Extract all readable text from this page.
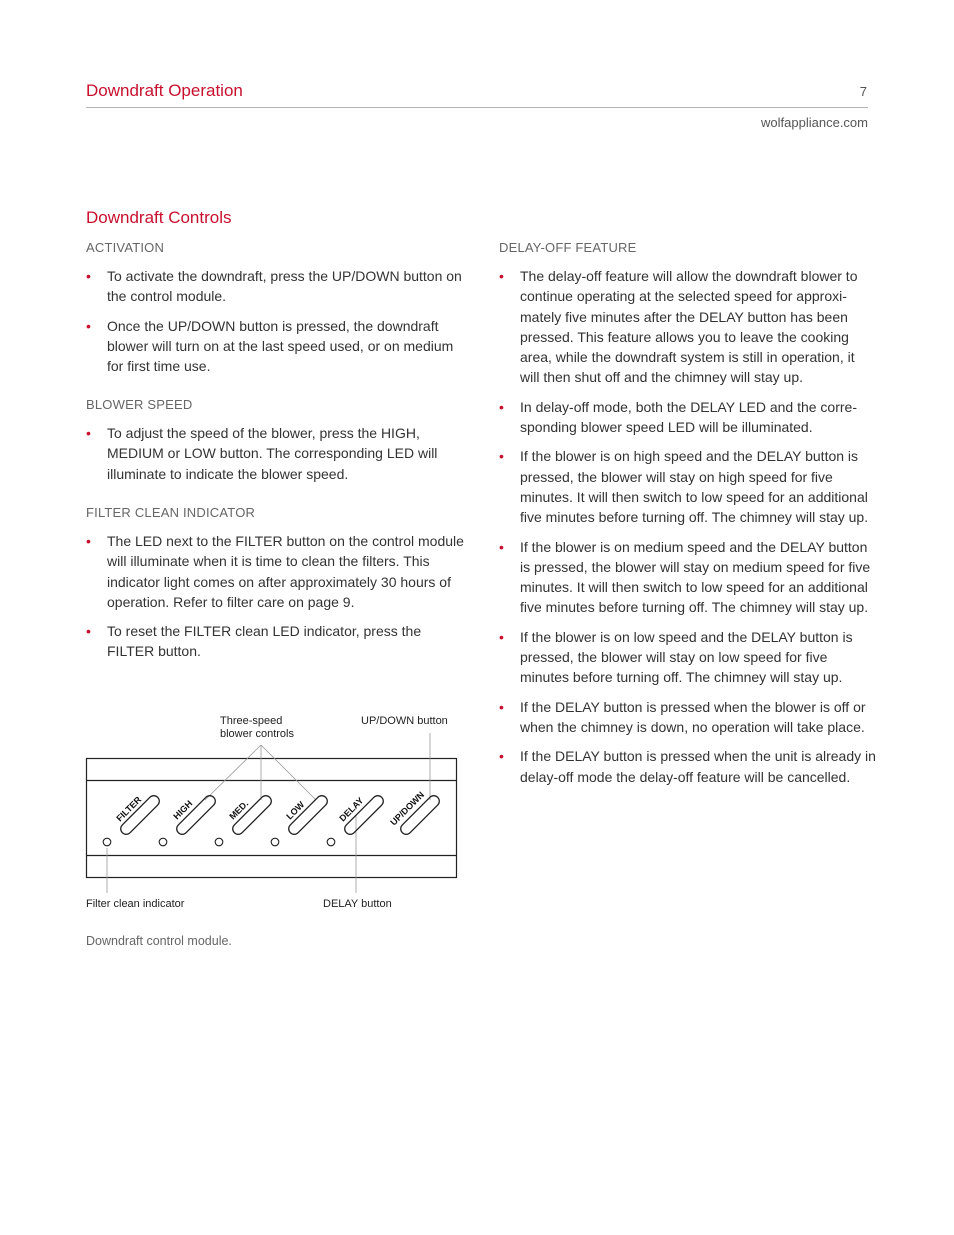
Downdraft Operation	7
wolfappliance.com
Downdraft Controls
ACTIVATION
• To activate the downdraft, press the UP/DOWN button on the control module.
• Once the UP/DOWN button is pressed, the downdraft blower will turn on at the last speed used, or on medium for first time use.
BLOWER SPEED
• To adjust the speed of the blower, press the HIGH, MEDIUM or LOW button. The corresponding LED will illuminate to indicate the blower speed.
FILTER CLEAN INDICATOR
• The LED next to the FILTER button on the control module will illuminate when it is time to clean the filters. This indicator light comes on after approximately 30 hours of operation. Refer to filter care on page 9.
• To reset the FILTER clean LED indicator, press the FILTER button.
Three-speed
blower controls
UP/DOWN button
Filter clean indicator	DELAY button
FILTER	HIGH	MED.	LOW	DELAY	UP/DOWN
Downdraft control module.
DELAY-OFF FEATURE
• The delay-off feature will allow the downdraft blower to continue operating at the selected speed for approximately five minutes after the DELAY button has been pressed. This feature allows you to leave the cooking area, while the downdraft system is still in operation, it will then shut off and the chimney will stay up.
• In delay-off mode, both the DELAY LED and the corresponding blower speed LED will be illuminated.
• If the blower is on high speed and the DELAY button is pressed, the blower will stay on high speed for five minutes. It will then switch to low speed for an additional five minutes before turning off. The chimney will stay up.
• If the blower is on medium speed and the DELAY button is pressed, the blower will stay on medium speed for five minutes. It will then switch to low speed for an additional five minutes before turning off. The chimney will stay up.
• If the blower is on low speed and the DELAY button is pressed, the blower will stay on low speed for five minutes before turning off. The chimney will stay up.
• If the DELAY button is pressed when the blower is off or when the chimney is down, no operation will take place.
• If the DELAY button is pressed when the unit is already in delay-off mode the delay-off feature will be cancelled.
